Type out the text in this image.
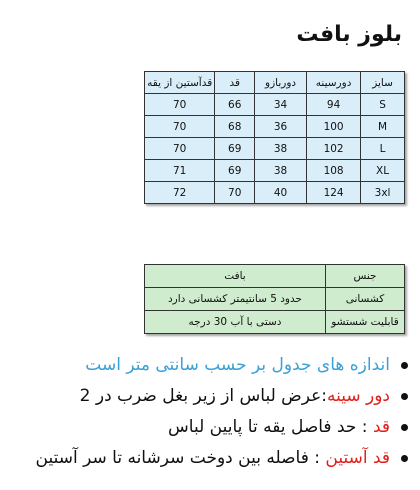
بلوز بافت
سایز	دورسینه	دوربازو	قد	قدآستین از یقه
S	94	34	66	70
M	100	36	68	70
L	102	38	69	70
XL	108	38	69	71
3xl	124	40	70	72
جنس	بافت
کشسانی	حدود 5 سانتیمتر کشسانی دارد
قابلیت شستشو	دستی با آب 30 درجه
اندازه های جدول بر حسب سانتی متر است
دور سینه:عرض لباس از زیر بغل ضرب در 2
قد : حد فاصل یقه تا پایین لباس
قد آستین : فاصله بین دوخت سرشانه تا سر آستین
